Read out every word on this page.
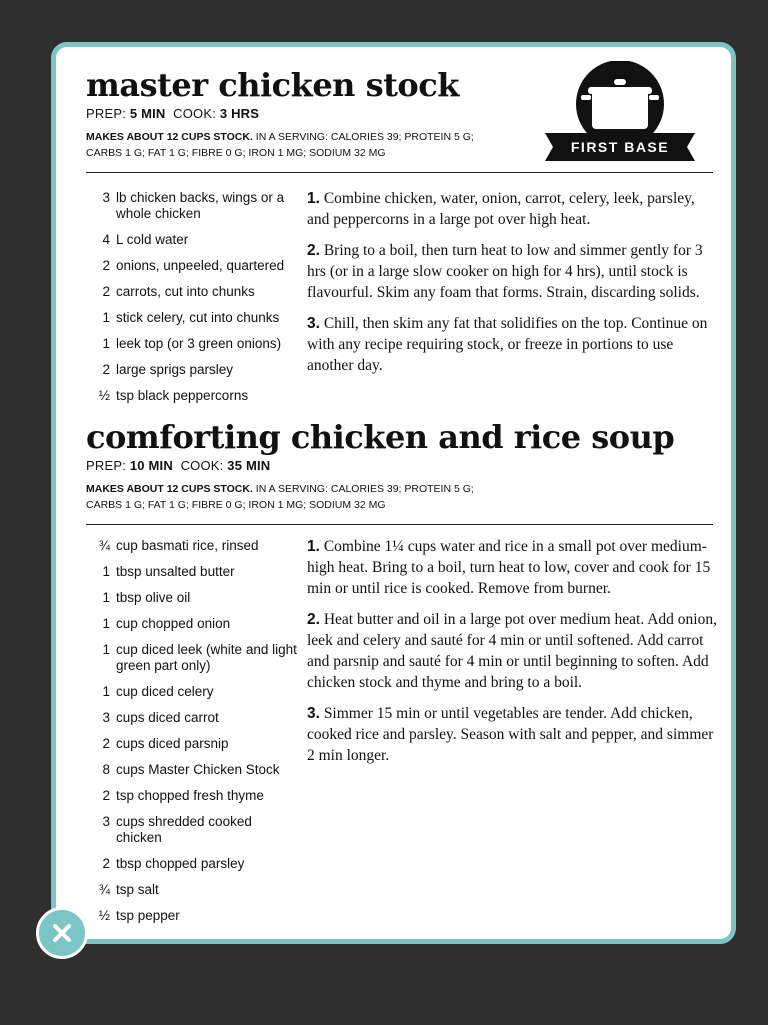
FIRST BASE
master chicken stock
PREP: 5 MIN COOK: 3 HRS
MAKES ABOUT 12 CUPS STOCK. IN A SERVING: CALORIES 39; PROTEIN 5 G;
CARBS 1 G; FAT 1 G; FIBRE 0 G; IRON 1 MG; SODIUM 32 MG
3 lb chicken backs, wings or a whole chicken
4 L cold water
2 onions, unpeeled, quartered
2 carrots, cut into chunks
1 stick celery, cut into chunks
1 leek top (or 3 green onions)
2 large sprigs parsley
½ tsp black peppercorns

1. Combine chicken, water, onion, carrot, celery, leek, parsley, and peppercorns in a large pot over high heat.

2. Bring to a boil, then turn heat to low and simmer gently for 3 hrs (or in a large slow cooker on high for 4 hrs), until stock is flavourful. Skim any foam that forms. Strain, discarding solids.

3. Chill, then skim any fat that solidifies on the top. Continue on with any recipe requiring stock, or freeze in portions to use another day.

comforting chicken and rice soup
PREP: 10 MIN COOK: 35 MIN
MAKES ABOUT 12 CUPS STOCK. IN A SERVING: CALORIES 39; PROTEIN 5 G;
CARBS 1 G; FAT 1 G; FIBRE 0 G; IRON 1 MG; SODIUM 32 MG
¾ cup basmati rice, rinsed
1 tbsp unsalted butter
1 tbsp olive oil
1 cup chopped onion
1 cup diced leek (white and light green part only)
1 cup diced celery
3 cups diced carrot
2 cups diced parsnip
8 cups Master Chicken Stock
2 tsp chopped fresh thyme
3 cups shredded cooked chicken
2 tbsp chopped parsley
¾ tsp salt
½ tsp pepper

1. Combine 1¼ cups water and rice in a small pot over medium-high heat. Bring to a boil, turn heat to low, cover and cook for 15 min or until rice is cooked. Remove from burner.

2. Heat butter and oil in a large pot over medium heat. Add onion, leek and celery and sauté for 4 min or until softened. Add carrot and parsnip and sauté for 4 min or until beginning to soften. Add chicken stock and thyme and bring to a boil.

3. Simmer 15 min or until vegetables are tender. Add chicken, cooked rice and parsley. Season with salt and pepper, and simmer 2 min longer.
